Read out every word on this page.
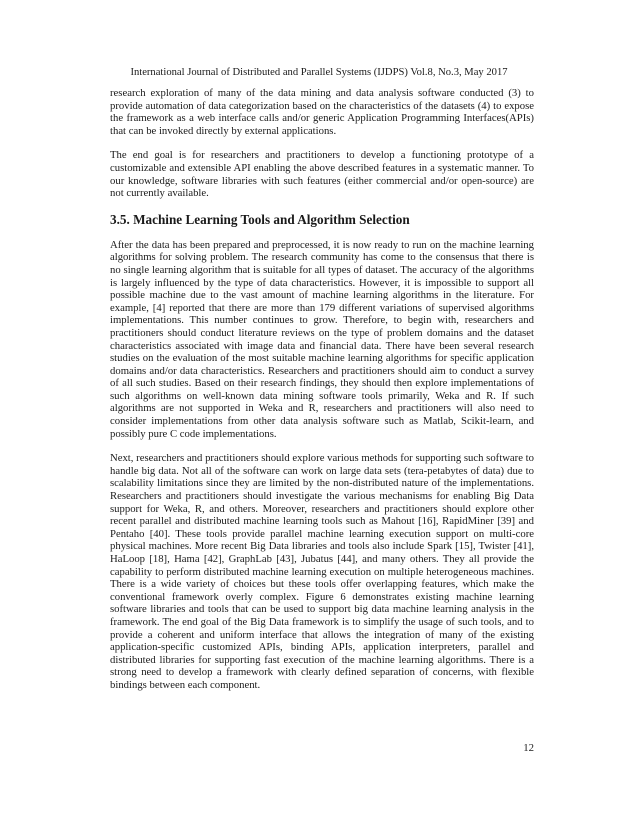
International Journal of Distributed and Parallel Systems (IJDPS) Vol.8, No.3, May 2017

research exploration of many of the data mining and data analysis software conducted (3) to provide automation of data categorization based on the characteristics of the datasets (4) to expose the framework as a web interface calls and/or generic Application Programming Interfaces(APIs) that can be invoked directly by external applications.

The end goal is for researchers and practitioners to develop a functioning prototype of a customizable and extensible API enabling the above described features in a systematic manner. To our knowledge, software libraries with such features (either commercial and/or open-source) are not currently available.

3.5. Machine Learning Tools and Algorithm Selection

After the data has been prepared and preprocessed, it is now ready to run on the machine learning algorithms for solving problem. The research community has come to the consensus that there is no single learning algorithm that is suitable for all types of dataset. The accuracy of the algorithms is largely influenced by the type of data characteristics. However, it is impossible to support all possible machine due to the vast amount of machine learning algorithms in the literature. For example, [4] reported that there are more than 179 different variations of supervised algorithms implementations. This number continues to grow. Therefore, to begin with, researchers and practitioners should conduct literature reviews on the type of problem domains and the dataset characteristics associated with image data and financial data. There have been several research studies on the evaluation of the most suitable machine learning algorithms for specific application domains and/or data characteristics. Researchers and practitioners should aim to conduct a survey of all such studies. Based on their research findings, they should then explore implementations of such algorithms on well-known data mining software tools primarily, Weka and R. If such algorithms are not supported in Weka and R, researchers and practitioners will also need to consider implementations from other data analysis software such as Matlab, Scikit-learn, and possibly pure C code implementations.

Next, researchers and practitioners should explore various methods for supporting such software to handle big data. Not all of the software can work on large data sets (tera-petabytes of data) due to scalability limitations since they are limited by the non-distributed nature of the implementations. Researchers and practitioners should investigate the various mechanisms for enabling Big Data support for Weka, R, and others. Moreover, researchers and practitioners should explore other recent parallel and distributed machine learning tools such as Mahout [16], RapidMiner [39] and Pentaho [40]. These tools provide parallel machine learning execution support on multi-core physical machines. More recent Big Data libraries and tools also include Spark [15], Twister [41], HaLoop [18], Hama [42], GraphLab [43], Jubatus [44], and many others. They all provide the capability to perform distributed machine learning execution on multiple heterogeneous machines. There is a wide variety of choices but these tools offer overlapping features, which make the conventional framework overly complex. Figure 6 demonstrates existing machine learning software libraries and tools that can be used to support big data machine learning analysis in the framework. The end goal of the Big Data framework is to simplify the usage of such tools, and to provide a coherent and uniform interface that allows the integration of many of the existing application-specific customized APIs, binding APIs, application interpreters, parallel and distributed libraries for supporting fast execution of the machine learning algorithms. There is a strong need to develop a framework with clearly defined separation of concerns, with flexible bindings between each component.

12
